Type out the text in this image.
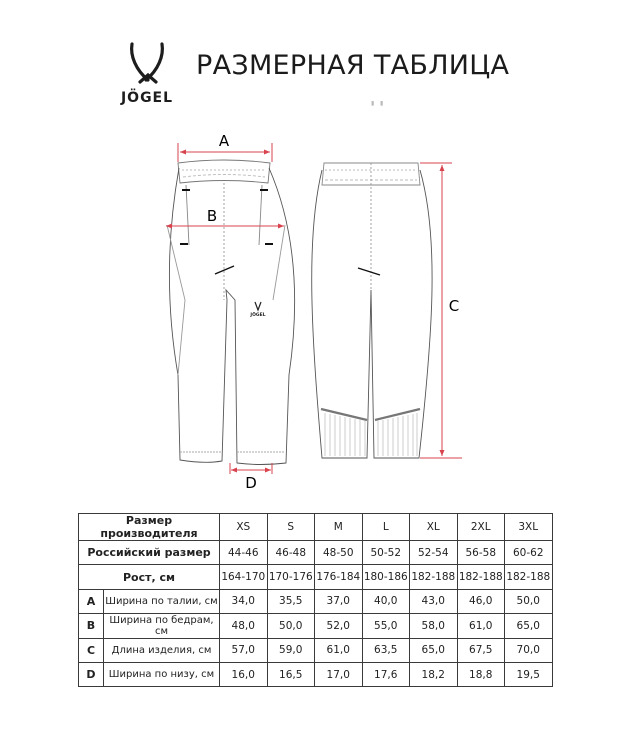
JÖGEL
РАЗМЕРНАЯ ТАБЛИЦА
▮   ▮
JÖGEL
A
B
C
D
Размер производителя		XS	S	M	L	XL	2XL	3XL
Российский размер		44-46	46-48	48-50	50-52	52-54	56-58	60-62
Рост, см		164-170	170-176	176-184	180-186	182-188	182-188	182-188
A	Ширина по талии, см	34,0	35,5	37,0	40,0	43,0	46,0	50,0
B	Ширина по бедрам, см	48,0	50,0	52,0	55,0	58,0	61,0	65,0
C	Длина изделия, см	57,0	59,0	61,0	63,5	65,0	67,5	70,0
D	Ширина по низу, см	16,0	16,5	17,0	17,6	18,2	18,8	19,5
